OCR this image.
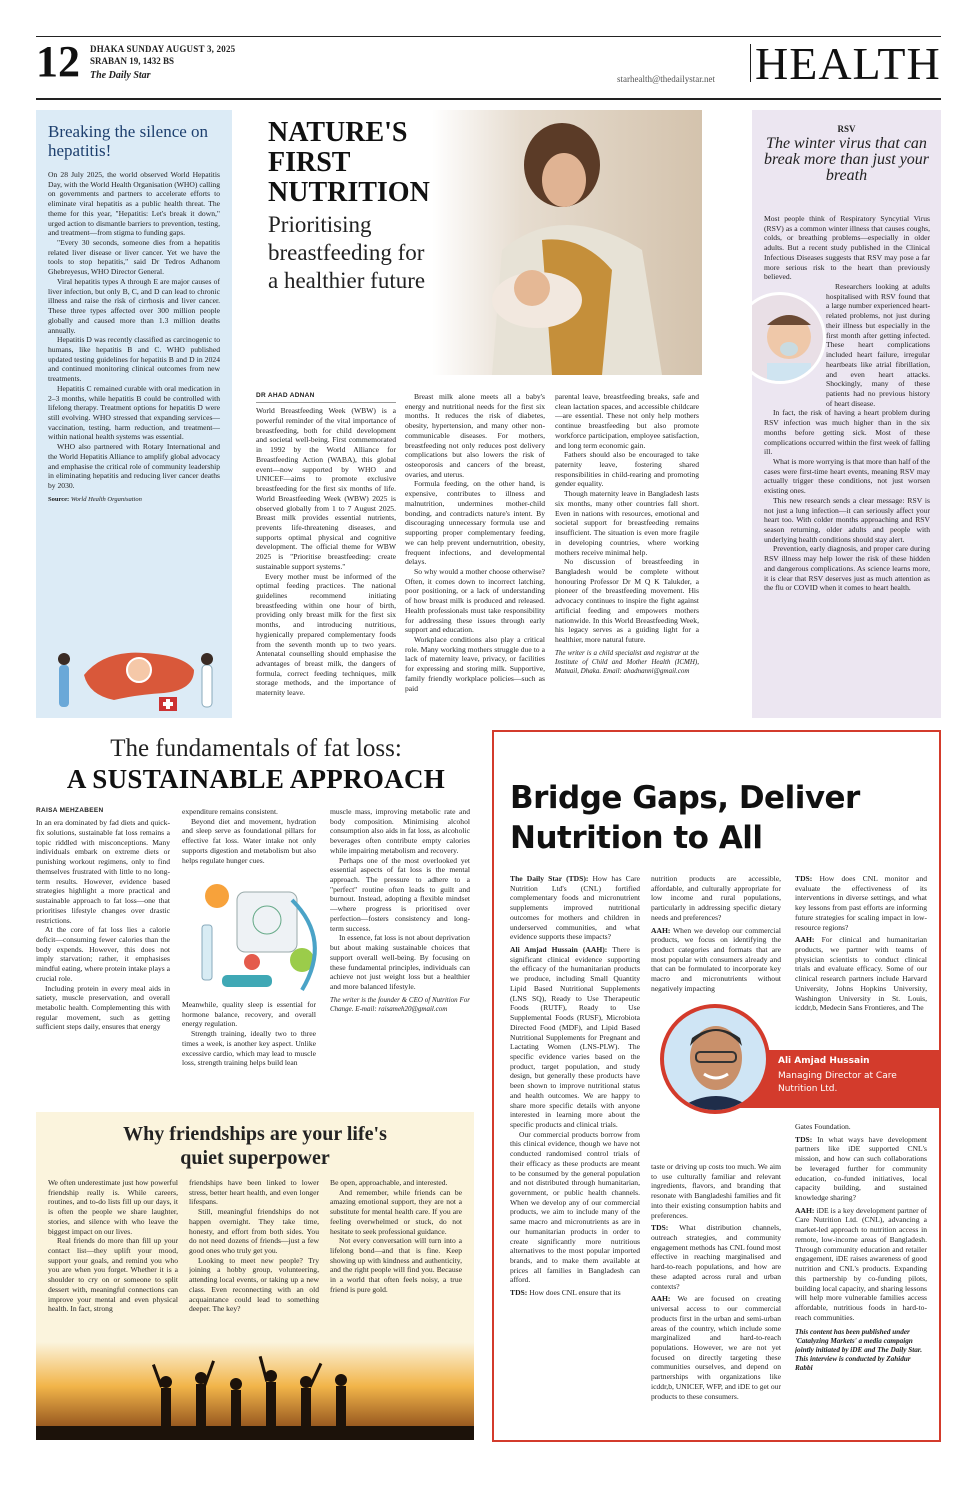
12 DHAKA SUNDAY AUGUST 3, 2025
SRABAN 19, 1432 BS
The Daily Star	starhealth@thedailystar.net HEALTH
Breaking the silence on hepatitis!

On 28 July 2025, the world observed World Hepatitis Day, with the World Health Organisation (WHO) calling on governments and partners to accelerate efforts to eliminate viral hepatitis as a public health threat. The theme for this year, "Hepatitis: Let's break it down," urged action to dismantle barriers to prevention, testing, and treatment—from stigma to funding gaps.

"Every 30 seconds, someone dies from a hepatitis related liver disease or liver cancer. Yet we have the tools to stop hepatitis," said Dr Tedros Adhanom Ghebreyesus, WHO Director General.

Viral hepatitis types A through E are major causes of liver infection, but only B, C, and D can lead to chronic illness and raise the risk of cirrhosis and liver cancer. These three types affected over 300 million people globally and caused more than 1.3 million deaths annually.

Hepatitis D was recently classified as carcinogenic to humans, like hepatitis B and C. WHO published updated testing guidelines for hepatitis B and D in 2024 and continued monitoring clinical outcomes from new treatments.

Hepatitis C remained curable with oral medication in 2–3 months, while hepatitis B could be controlled with lifelong therapy. Treatment options for hepatitis D were still evolving. WHO stressed that expanding services—vaccination, testing, harm reduction, and treatment—within national health systems was essential.

WHO also partnered with Rotary International and the World Hepatitis Alliance to amplify global advocacy and emphasise the critical role of community leadership in eliminating hepatitis and reducing liver cancer deaths by 2030.

Source: World Health Organisation

NATURE'S
FIRST
NUTRITION
Prioritising
breastfeeding for
a healthier future
DR AHAD ADNAN

World Breastfeeding Week (WBW) is a powerful reminder of the vital importance of breastfeeding, both for child development and societal well-being. First commemorated in 1992 by the World Alliance for Breastfeeding Action (WABA), this global event—now supported by WHO and UNICEF—aims to promote exclusive breastfeeding for the first six months of life. World Breastfeeding Week (WBW) 2025 is observed globally from 1 to 7 August 2025. Breast milk provides essential nutrients, prevents life-threatening diseases, and supports optimal physical and cognitive development. The official theme for WBW 2025 is "Prioritise breastfeeding: create sustainable support systems."

Every mother must be informed of the optimal feeding practices. The national guidelines recommend initiating breastfeeding within one hour of birth, providing only breast milk for the first six months, and introducing nutritious, hygienically prepared complementary foods from the seventh month up to two years. Antenatal counselling should emphasise the advantages of breast milk, the dangers of formula, correct feeding techniques, milk storage methods, and the importance of maternity leave.

Breast milk alone meets all a baby's energy and nutritional needs for the first six months. It reduces the risk of diabetes, obesity, hypertension, and many other non-communicable diseases. For mothers, breastfeeding not only reduces post delivery complications but also lowers the risk of osteoporosis and cancers of the breast, ovaries, and uterus.

Formula feeding, on the other hand, is expensive, contributes to illness and malnutrition, undermines mother-child bonding, and contradicts nature's intent. By discouraging unnecessary formula use and supporting proper complementary feeding, we can help prevent undernutrition, obesity, frequent infections, and developmental delays.

So why would a mother choose otherwise? Often, it comes down to incorrect latching, poor positioning, or a lack of understanding of how breast milk is produced and released. Health professionals must take responsibility for addressing these issues through early support and education.

Workplace conditions also play a critical role. Many working mothers struggle due to a lack of maternity leave, privacy, or facilities for expressing and storing milk. Supportive, family friendly workplace policies—such as paid

parental leave, breastfeeding breaks, safe and clean lactation spaces, and accessible childcare—are essential. These not only help mothers continue breastfeeding but also promote workforce participation, employee satisfaction, and long term economic gain.

Fathers should also be encouraged to take paternity leave, fostering shared responsibilities in child-rearing and promoting gender equality.

Though maternity leave in Bangladesh lasts six months, many other countries fall short. Even in nations with resources, emotional and societal support for breastfeeding remains insufficient. The situation is even more fragile in developing countries, where working mothers receive minimal help.

No discussion of breastfeeding in Bangladesh would be complete without honouring Professor Dr M Q K Talukder, a pioneer of the breastfeeding movement. His advocacy continues to inspire the fight against artificial feeding and empowers mothers nationwide. In this World Breastfeeding Week, his legacy serves as a guiding light for a healthier, more natural future.

The writer is a child specialist and registrar at the Institute of Child and Mother Health (ICMH), Matuail, Dhaka. Email: ahadnanni@gmail.com

RSV
The winter virus that can break more than just your breath

Most people think of Respiratory Syncytial Virus (RSV) as a common winter illness that causes coughs, colds, or breathing problems—especially in older adults. But a recent study published in the Clinical Infectious Diseases suggests that RSV may pose a far more serious risk to the heart than previously believed.

Researchers looking at adults hospitalised with RSV found that a large number experienced heart-related problems, not just during their illness but especially in the first month after getting infected. These heart complications included heart failure, irregular heartbeats like atrial fibrillation, and even heart attacks. Shockingly, many of these patients had no previous history of heart disease.

In fact, the risk of having a heart problem during RSV infection was much higher than in the six months before getting sick. Most of these complications occurred within the first week of falling ill.

What is more worrying is that more than half of the cases were first-time heart events, meaning RSV may actually trigger these conditions, not just worsen existing ones.

This new research sends a clear message: RSV is not just a lung infection—it can seriously affect your heart too. With colder months approaching and RSV season returning, older adults and people with underlying health conditions should stay alert.

Prevention, early diagnosis, and proper care during RSV illness may help lower the risk of these hidden and dangerous complications. As science learns more, it is clear that RSV deserves just as much attention as the flu or COVID when it comes to heart health.

The fundamentals of fat loss:
A SUSTAINABLE APPROACH
RAISA MEHZABEEN

In an era dominated by fad diets and quick-fix solutions, sustainable fat loss remains a topic riddled with misconceptions. Many individuals embark on extreme diets or punishing workout regimens, only to find themselves frustrated with little to no long-term results. However, evidence based strategies highlight a more practical and sustainable approach to fat loss—one that prioritises lifestyle changes over drastic restrictions.

At the core of fat loss lies a calorie deficit—consuming fewer calories than the body expends. However, this does not imply starvation; rather, it emphasises mindful eating, where protein intake plays a crucial role.

Including protein in every meal aids in satiety, muscle preservation, and overall metabolic health. Complementing this with regular movement, such as getting sufficient steps daily, ensures that energy

expenditure remains consistent.

Beyond diet and movement, hydration and sleep serve as foundational pillars for effective fat loss. Water intake not only supports digestion and metabolism but also helps regulate hunger cues.

Meanwhile, quality sleep is essential for hormone balance, recovery, and overall energy regulation.

Strength training, ideally two to three times a week, is another key aspect. Unlike excessive cardio, which may lead to muscle loss, strength training helps build lean

muscle mass, improving metabolic rate and body composition. Minimising alcohol consumption also aids in fat loss, as alcoholic beverages often contribute empty calories while impairing metabolism and recovery.

Perhaps one of the most overlooked yet essential aspects of fat loss is the mental approach. The pressure to adhere to a "perfect" routine often leads to guilt and burnout. Instead, adopting a flexible mindset—where progress is prioritised over perfection—fosters consistency and long-term success.

In essence, fat loss is not about deprivation but about making sustainable choices that support overall well-being. By focusing on these fundamental principles, individuals can achieve not just weight loss but a healthier and more balanced lifestyle.

The writer is the founder & CEO of Nutrition For Change. E-mail: raisameh20@gmail.com

Why friendships are your life's
quiet superpower

We often underestimate just how powerful friendship really is. While careers, routines, and to-do lists fill up our days, it is often the people we share laughter, stories, and silence with who leave the biggest impact on our lives.

Real friends do more than fill up your contact list—they uplift your mood, support your goals, and remind you who you are when you forget. Whether it is a shoulder to cry on or someone to split dessert with, meaningful connections can improve your mental and even physical health. In fact, strong

friendships have been linked to lower stress, better heart health, and even longer lifespans.

Still, meaningful friendships do not happen overnight. They take time, honesty, and effort from both sides. You do not need dozens of friends—just a few good ones who truly get you.

Looking to meet new people? Try joining a hobby group, volunteering, attending local events, or taking up a new class. Even reconnecting with an old acquaintance could lead to something deeper. The key?

Be open, approachable, and interested.

And remember, while friends can be amazing emotional support, they are not a substitute for mental health care. If you are feeling overwhelmed or stuck, do not hesitate to seek professional guidance.

Not every conversation will turn into a lifelong bond—and that is fine. Keep showing up with kindness and authenticity, and the right people will find you. Because in a world that often feels noisy, a true friend is pure gold.

Bridge Gaps, Deliver
Nutrition to All

The Daily Star (TDS): How has Care Nutrition Ltd's (CNL) fortified complementary foods and micronutrient supplements improved nutritional outcomes for mothers and children in underserved communities, and what evidence supports these impacts?

Ali Amjad Hussain (AAH): There is significant clinical evidence supporting the efficacy of the humanitarian products we produce, including Small Quantity Lipid Based Nutritional Supplements (LNS SQ), Ready to Use Therapeutic Foods (RUTF), Ready to Use Supplemental Foods (RUSF), Microbiota Directed Food (MDF), and Lipid Based Nutritional Supplements for Pregnant and Lactating Women (LNS-PLW). The specific evidence varies based on the product, target population, and study design, but generally these products have been shown to improve nutritional status and health outcomes. We are happy to share more specific details with anyone interested in learning more about the specific products and clinical trials.

Our commercial products borrow from this clinical evidence, though we have not conducted randomised control trials of their efficacy as these products are meant to be consumed by the general population and not distributed through humanitarian, government, or public health channels. When we develop any of our commercial products, we aim to include many of the same macro and micronutrients as are in our humanitarian products in order to create significantly more nutritious alternatives to the most popular imported brands, and to make them available at prices all families in Bangladesh can afford.

TDS: How does CNL ensure that its

nutrition products are accessible, affordable, and culturally appropriate for low income and rural populations, particularly in addressing specific dietary needs and preferences?

AAH: When we develop our commercial products, we focus on identifying the product categories and formats that are most popular with consumers already and that can be formulated to incorporate key macro and micronutrients without negatively impacting

Ali Amjad Hussain
Managing Director at Care Nutrition Ltd.

taste or driving up costs too much. We aim to use culturally familiar and relevant ingredients, flavors, and branding that resonate with Bangladeshi families and fit into their existing consumption habits and preferences.

TDS: What distribution channels, outreach strategies, and community engagement methods has CNL found most effective in reaching marginalised and hard-to-reach populations, and how are these adapted across rural and urban contexts?

AAH: We are focused on creating universal access to our commercial products first in the urban and semi-urban areas of the country, which include some marginalized and hard-to-reach populations. However, we are not yet focused on directly targeting these communities ourselves, and depend on partnerships with organizations like icddr,b, UNICEF, WFP, and iDE to get our products to these consumers.

TDS: How does CNL monitor and evaluate the effectiveness of its interventions in diverse settings, and what key lessons from past efforts are informing future strategies for scaling impact in low-resource regions?

AAH: For clinical and humanitarian products, we partner with teams of physician scientists to conduct clinical trials and evaluate efficacy. Some of our clinical research partners include Harvard University, Johns Hopkins University, Washington University in St. Louis, icddr,b, Medecin Sans Frontieres, and The

Gates Foundation.

TDS: In what ways have development partners like iDE supported CNL's mission, and how can such collaborations be leveraged further for community education, co-funded initiatives, local capacity building, and sustained knowledge sharing?

AAH: iDE is a key development partner of Care Nutrition Ltd. (CNL), advancing a market-led approach to nutrition access in remote, low-income areas of Bangladesh. Through community education and retailer engagement, iDE raises awareness of good nutrition and CNL's products. Expanding this partnership by co-funding pilots, building local capacity, and sharing lessons will help more vulnerable families access affordable, nutritious foods in hard-to-reach communities.

This content has been published under 'Catalyzing Markets' a media campaign jointly initiated by iDE and The Daily Star. This interview is conducted by Zahidur Rabbi
